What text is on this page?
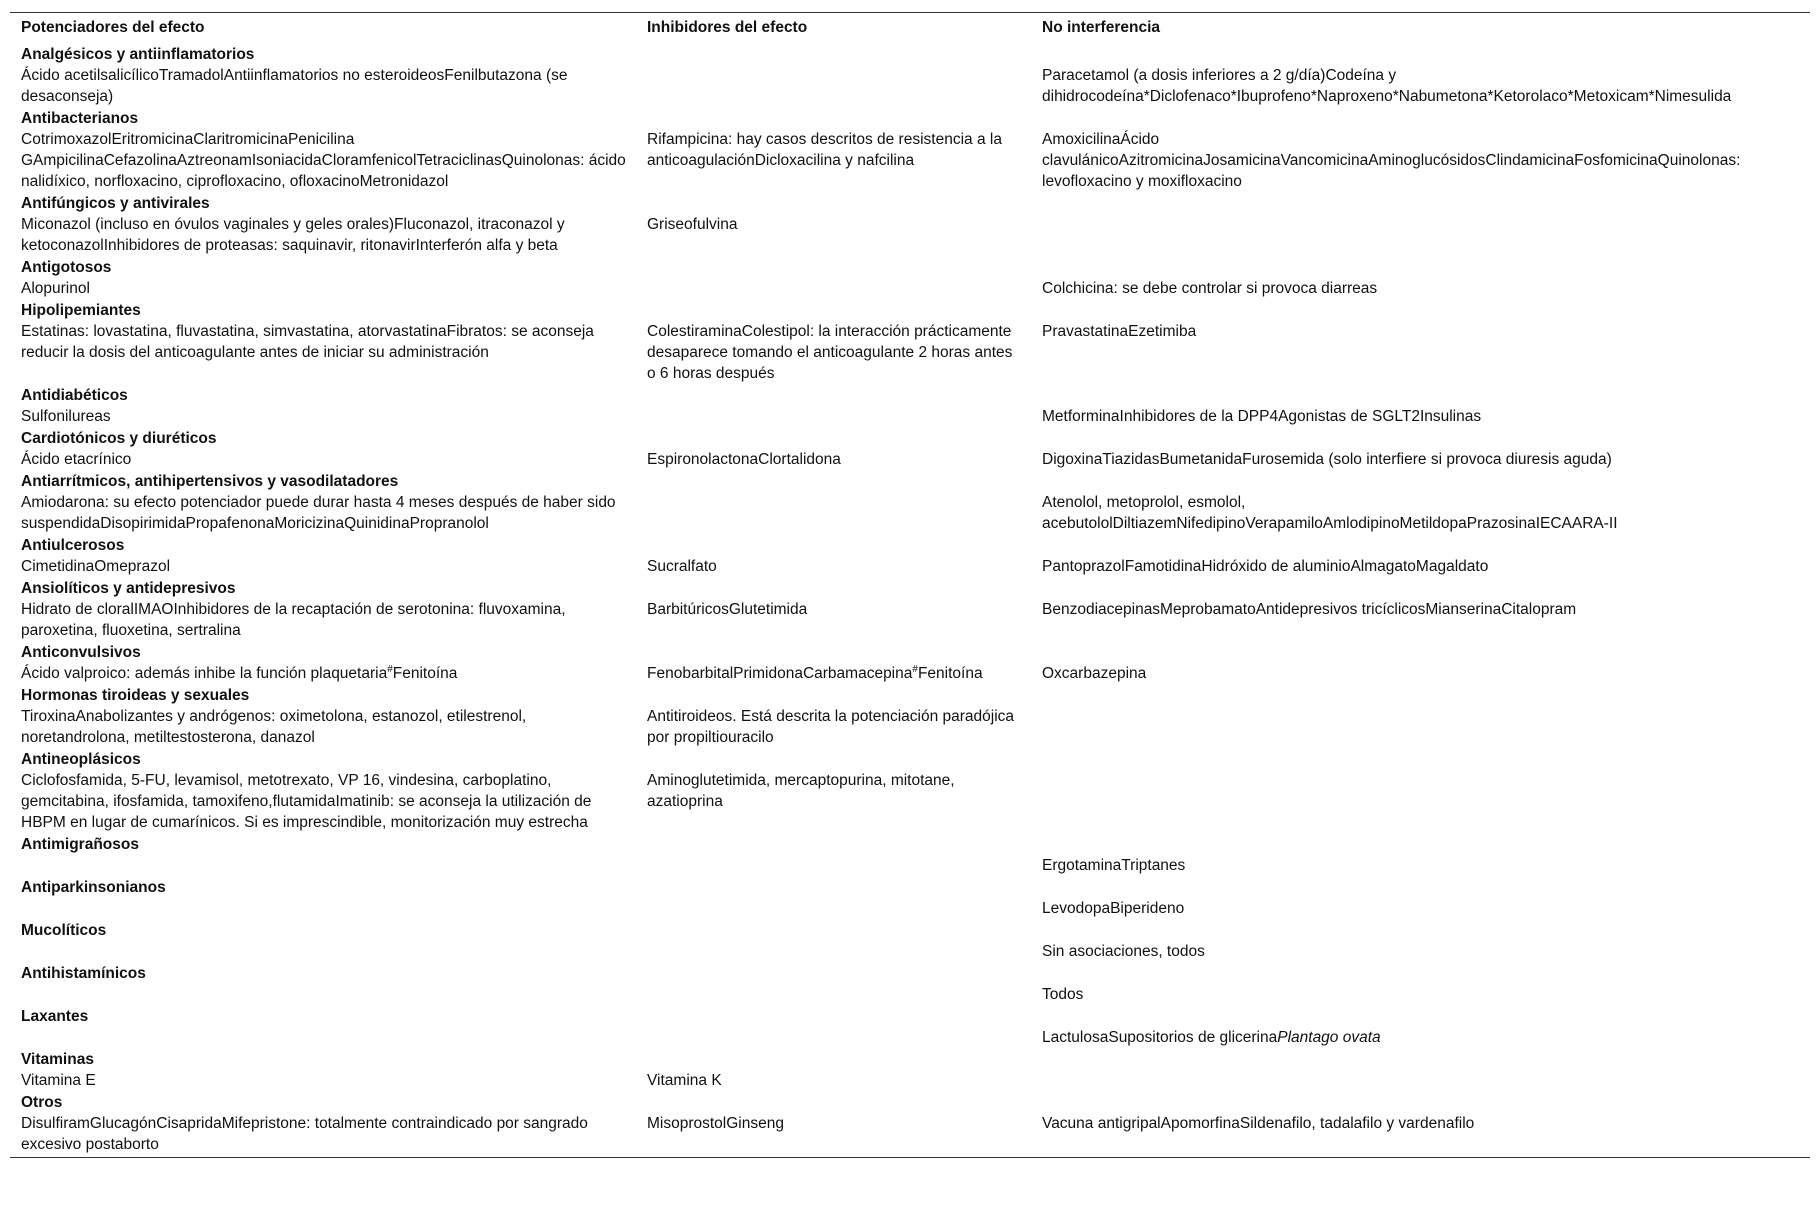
Potenciadores del efecto	Inhibidores del efecto	No interferencia
Analgésicos y antiinflamatorios		
Ácido acetilsalicílicoTramadolAntiinflamatorios no esteroideosFenilbutazona (se desaconseja)		Paracetamol (a dosis inferiores a 2 g/día)Codeína y dihidrocodeína*Diclofenaco*Ibuprofeno*Naproxeno*Nabumetona*Ketorolaco*Metoxicam*Nimesulida
Antibacterianos		
CotrimoxazolEritromicinaClaritromicinaPenicilina GAmpicilinaCefazolinaAztreonamIsoniacidaCloramfenicolTetraciclinasQuinolonas: ácido nalidíxico, norfloxacino, ciprofloxacino, ofloxacinoMetronidazol	Rifampicina: hay casos descritos de resistencia a la anticoagulaciónDicloxacilina y nafcilina	AmoxicilinaÁcido clavulánicoAzitromicinaJosamicinaVancomicinaAminoglucósidosClindamicinaFosfomicinaQuinolonas: levofloxacino y moxifloxacino
Antifúngicos y antivirales		
Miconazol (incluso en óvulos vaginales y geles orales)Fluconazol, itraconazol y ketoconazolInhibidores de proteasas: saquinavir, ritonavirInterferón alfa y beta	Griseofulvina	
Antigotosos		
Alopurinol		Colchicina: se debe controlar si provoca diarreas
Hipolipemiantes		
Estatinas: lovastatina, fluvastatina, simvastatina, atorvastatinaFibratos: se aconseja reducir la dosis del anticoagulante antes de iniciar su administración	ColestiraminaColestipol: la interacción prácticamente desaparece tomando el anticoagulante 2 horas antes o 6 horas después	PravastatinaEzetimiba
Antidiabéticos		
Sulfonilureas		MetforminaInhibidores de la DPP4Agonistas de SGLT2Insulinas
Cardiotónicos y diuréticos		
Ácido etacrínico	EspironolactonaClortalidona	DigoxinaTiazidasBumetanidaFurosemida (solo interfiere si provoca diuresis aguda)
Antiarrítmicos, antihipertensivos y vasodilatadores		
Amiodarona: su efecto potenciador puede durar hasta 4 meses después de haber sido suspendidaDisopirimidaPropafenonaMoricizinaQuinidinaPropranolol		Atenolol, metoprolol, esmolol, acebutololDiltiazemNifedipinoVerapamiloAmlodipinoMetildopaPrazosinaIECAARA-II
Antiulcerosos		
CimetidinaOmeprazol	Sucralfato	PantoprazolFamotidinaHidróxido de aluminioAlmagatoMagaldato
Ansiolíticos y antidepresivos		
Hidrato de cloralIMAOInhibidores de la recaptación de serotonina: fluvoxamina, paroxetina, fluoxetina, sertralina	BarbitúricosGlutetimida	BenzodiacepinasMeprobamatoAntidepresivos tricíclicosMianserinaCitalopram
Anticonvulsivos		
Ácido valproico: además inhibe la función plaquetaria#Fenitoína	FenobarbitalPrimidonaCarbamacepina#Fenitoína	Oxcarbazepina
Hormonas tiroideas y sexuales		
TiroxinaAnabolizantes y andrógenos: oximetolona, estanozol, etilestrenol, noretandrolona, metiltestosterona, danazol	Antitiroideos. Está descrita la potenciación paradójica por propiltiouracilo	
Antineoplásicos		
Ciclofosfamida, 5-FU, levamisol, metotrexato, VP 16, vindesina, carboplatino, gemcitabina, ifosfamida, tamoxifeno,flutamidaImatinib: se aconseja la utilización de HBPM en lugar de cumarínicos. Si es imprescindible, monitorización muy estrecha	Aminoglutetimida, mercaptopurina, mitotane, azatioprina	
Antimigrañosos		
		ErgotaminaTriptanes
Antiparkinsonianos		
		LevodopaBiperideno
Mucolíticos		
		Sin asociaciones, todos
Antihistamínicos		
		Todos
Laxantes		
		LactulosaSupositorios de glicerinaPlantago ovata
Vitaminas		
Vitamina E	Vitamina K	
Otros		
DisulfiramGlucagónCisapridaMifepristone: totalmente contraindicado por sangrado excesivo postaborto	MisoprostolGinseng	Vacuna antigripalApomorfinaSildenafilo, tadalafilo y vardenafilo
